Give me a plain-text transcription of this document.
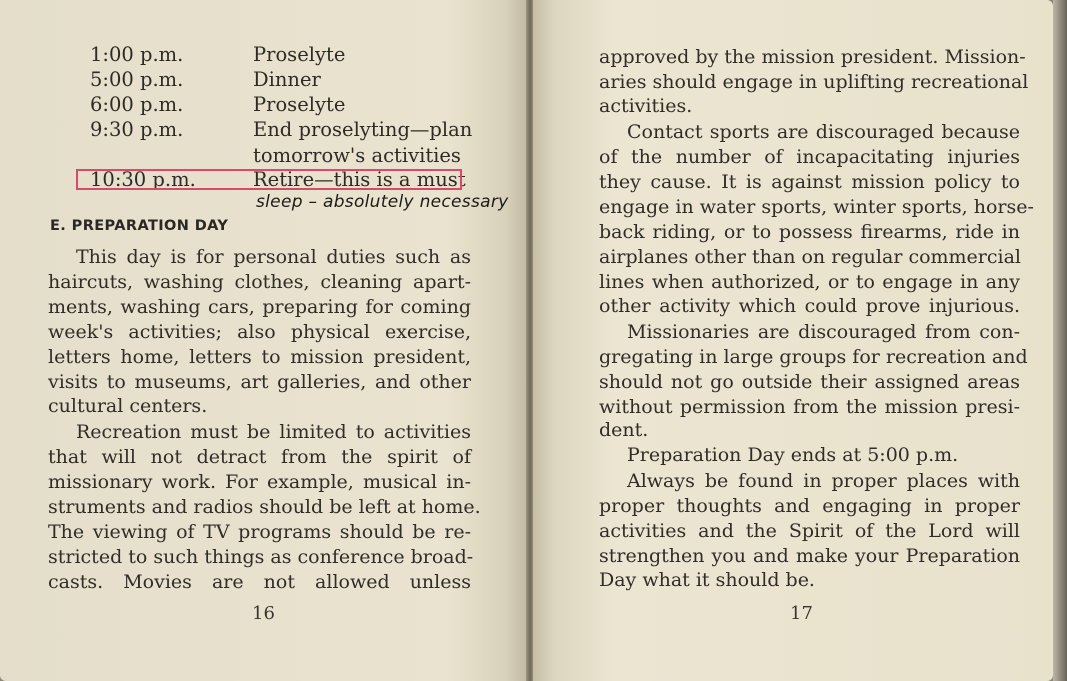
1:00 p.m.	Proselyte
5:00 p.m.	Dinner
6:00 p.m.	Proselyte
9:30 p.m.	End proselyting—plan
tomorrow's activities
10:30 p.m.	Retire—this is a must
sleep – absolutely necessary
E. PREPARATION DAY
This day is for personal duties such as
haircuts, washing clothes, cleaning apart-
ments, washing cars, preparing for coming
week's activities; also physical exercise,
letters home, letters to mission president,
visits to museums, art galleries, and other
cultural centers.
Recreation must be limited to activities
that will not detract from the spirit of
missionary work. For example, musical in-
struments and radios should be left at home.
The viewing of TV programs should be re-
stricted to such things as conference broad-
casts. Movies are not allowed unless
16
approved by the mission president. Mission-
aries should engage in uplifting recreational
activities.
Contact sports are discouraged because
of the number of incapacitating injuries
they cause. It is against mission policy to
engage in water sports, winter sports, horse-
back riding, or to possess firearms, ride in
airplanes other than on regular commercial
lines when authorized, or to engage in any
other activity which could prove injurious.
Missionaries are discouraged from con-
gregating in large groups for recreation and
should not go outside their assigned areas
without permission from the mission presi-
dent.
Preparation Day ends at 5:00 p.m.
Always be found in proper places with
proper thoughts and engaging in proper
activities and the Spirit of the Lord will
strengthen you and make your Preparation
Day what it should be.
17
